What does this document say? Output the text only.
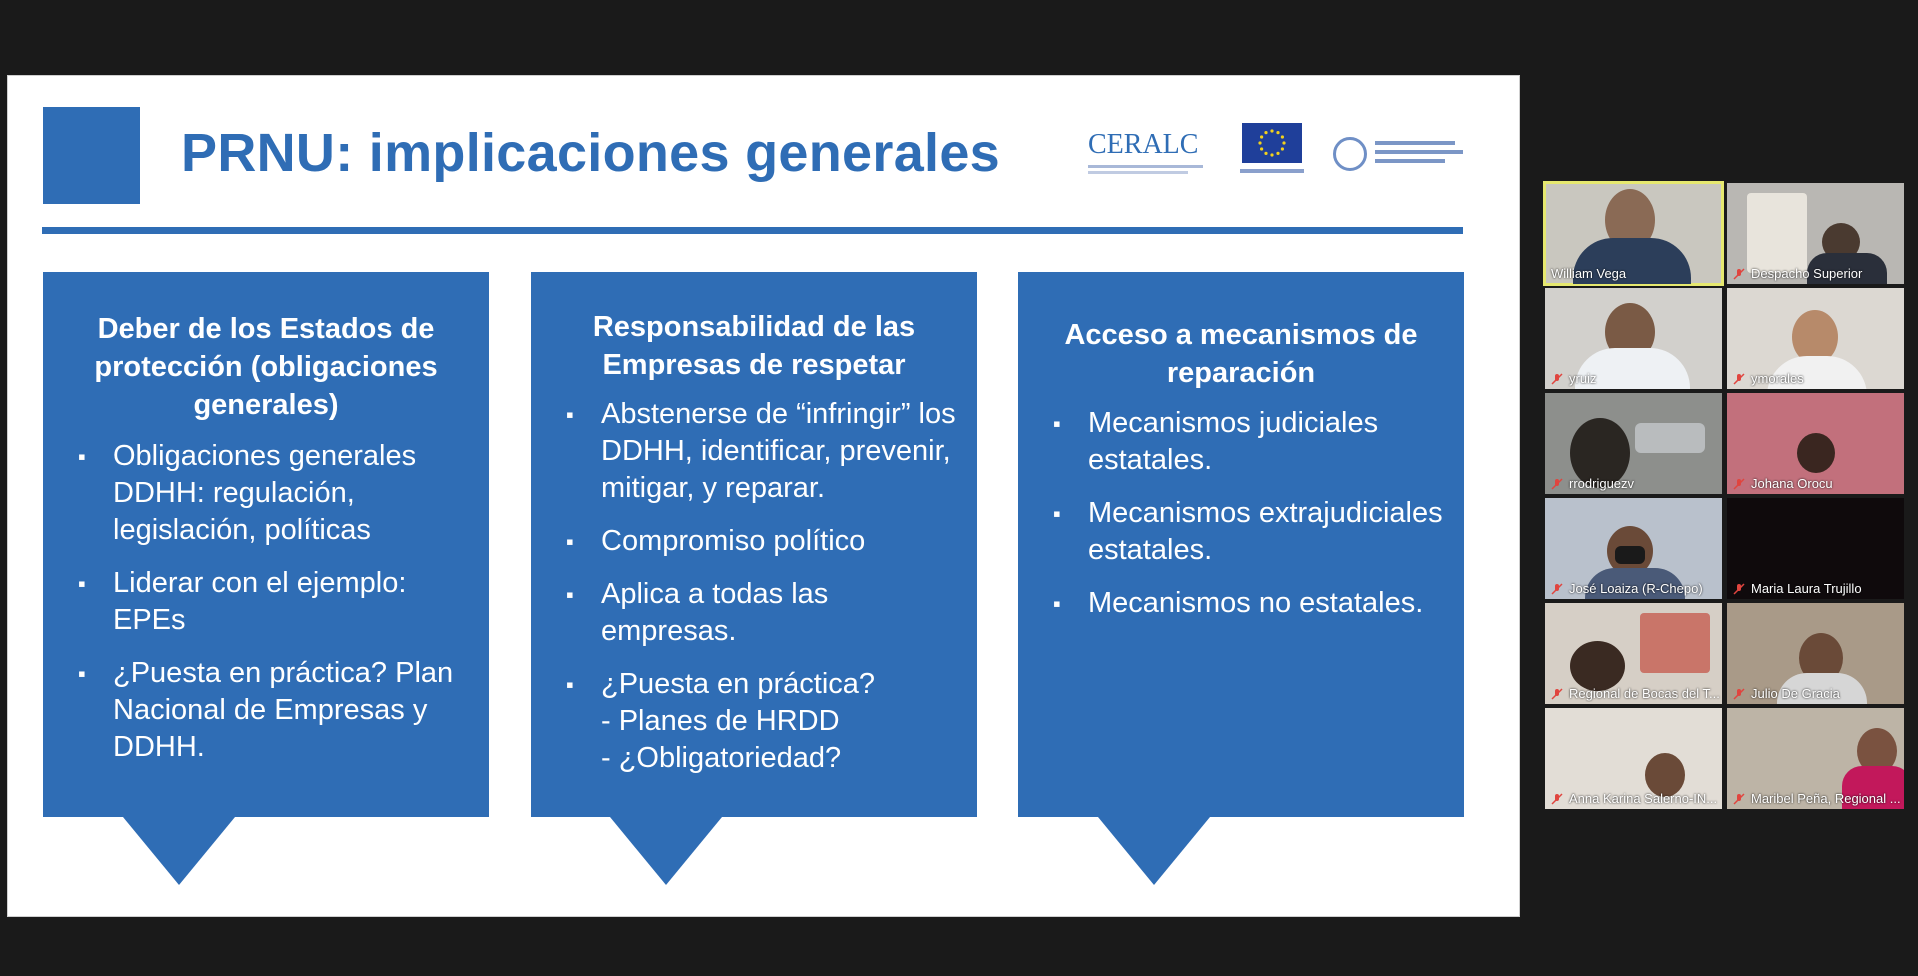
PRNU: implicaciones generales	CERALC
Deber de los Estados de protección (obligaciones generales)
▪ Obligaciones generales DDHH: regulación, legislación, políticas
▪ Liderar con el ejemplo: EPEs
▪ ¿Puesta en práctica? Plan Nacional de Empresas y DDHH.
Responsabilidad de las Empresas de respetar
▪ Abstenerse de “infringir” los DDHH, identificar, prevenir, mitigar, y reparar.
▪ Compromiso político
▪ Aplica a todas las empresas.
▪ ¿Puesta en práctica?
- Planes de HRDD
- ¿Obligatoriedad?
Acceso a mecanismos de reparación
▪ Mecanismos judiciales estatales.
▪ Mecanismos extrajudiciales estatales.
▪ Mecanismos no estatales.
William Vega	Despacho Superior
yruiz	ymorales
rrodriguezv	Johana Orocu
José Loaiza (R-Chepo)	Maria Laura Trujillo
Regional de Bocas del T...	Julio De Gracia
Anna Karina Salerno-IN...	Maribel Peña, Regional ...
